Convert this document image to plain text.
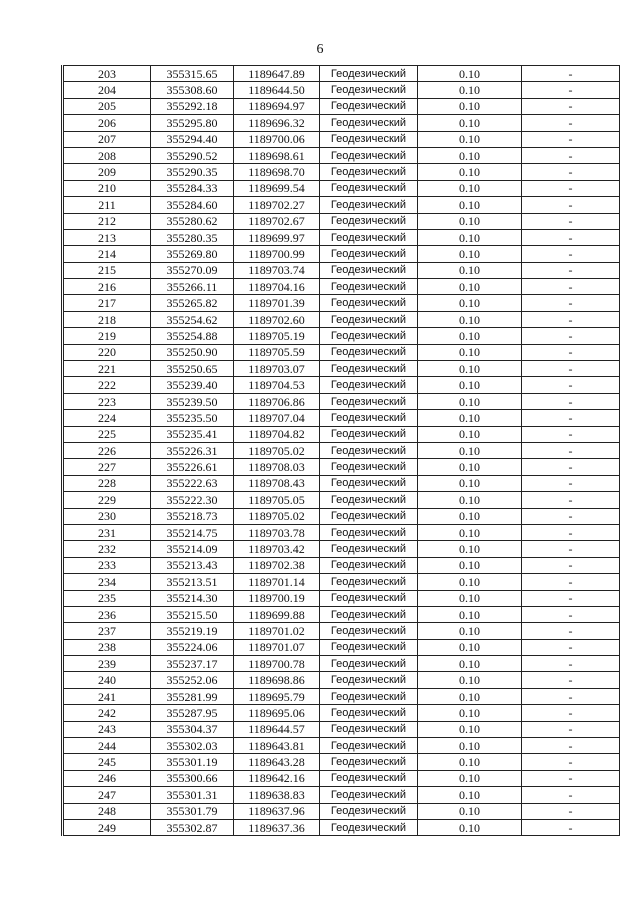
6
203	355315.65	1189647.89	Геодезический	0.10	-
204	355308.60	1189644.50	Геодезический	0.10	-
205	355292.18	1189694.97	Геодезический	0.10	-
206	355295.80	1189696.32	Геодезический	0.10	-
207	355294.40	1189700.06	Геодезический	0.10	-
208	355290.52	1189698.61	Геодезический	0.10	-
209	355290.35	1189698.70	Геодезический	0.10	-
210	355284.33	1189699.54	Геодезический	0.10	-
211	355284.60	1189702.27	Геодезический	0.10	-
212	355280.62	1189702.67	Геодезический	0.10	-
213	355280.35	1189699.97	Геодезический	0.10	-
214	355269.80	1189700.99	Геодезический	0.10	-
215	355270.09	1189703.74	Геодезический	0.10	-
216	355266.11	1189704.16	Геодезический	0.10	-
217	355265.82	1189701.39	Геодезический	0.10	-
218	355254.62	1189702.60	Геодезический	0.10	-
219	355254.88	1189705.19	Геодезический	0.10	-
220	355250.90	1189705.59	Геодезический	0.10	-
221	355250.65	1189703.07	Геодезический	0.10	-
222	355239.40	1189704.53	Геодезический	0.10	-
223	355239.50	1189706.86	Геодезический	0.10	-
224	355235.50	1189707.04	Геодезический	0.10	-
225	355235.41	1189704.82	Геодезический	0.10	-
226	355226.31	1189705.02	Геодезический	0.10	-
227	355226.61	1189708.03	Геодезический	0.10	-
228	355222.63	1189708.43	Геодезический	0.10	-
229	355222.30	1189705.05	Геодезический	0.10	-
230	355218.73	1189705.02	Геодезический	0.10	-
231	355214.75	1189703.78	Геодезический	0.10	-
232	355214.09	1189703.42	Геодезический	0.10	-
233	355213.43	1189702.38	Геодезический	0.10	-
234	355213.51	1189701.14	Геодезический	0.10	-
235	355214.30	1189700.19	Геодезический	0.10	-
236	355215.50	1189699.88	Геодезический	0.10	-
237	355219.19	1189701.02	Геодезический	0.10	-
238	355224.06	1189701.07	Геодезический	0.10	-
239	355237.17	1189700.78	Геодезический	0.10	-
240	355252.06	1189698.86	Геодезический	0.10	-
241	355281.99	1189695.79	Геодезический	0.10	-
242	355287.95	1189695.06	Геодезический	0.10	-
243	355304.37	1189644.57	Геодезический	0.10	-
244	355302.03	1189643.81	Геодезический	0.10	-
245	355301.19	1189643.28	Геодезический	0.10	-
246	355300.66	1189642.16	Геодезический	0.10	-
247	355301.31	1189638.83	Геодезический	0.10	-
248	355301.79	1189637.96	Геодезический	0.10	-
249	355302.87	1189637.36	Геодезический	0.10	-
